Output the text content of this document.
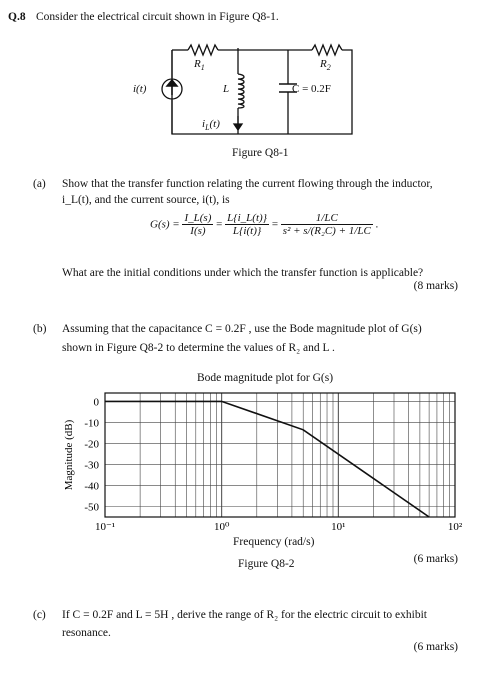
Q.8 Consider the electrical circuit shown in Figure Q8-1.
$R_1$	$R_2$
i(t)	L	C = 0.2F
$i_L(t)$
Figure Q8-1
(a) Show that the transfer function relating the current flowing through the inductor,
i_L(t), and the current source, i(t), is
$G(s) = \frac{I\_L(s)}{I(s)} = \frac{L\{i\_L(t)\}}{L\{i(t)\}} = \frac{1/LC}{\text{s² + s/(R₂C) + 1/LC}}$ .
What are the initial conditions under which the transfer function is applicable?
(8 marks)
(b) Assuming that the capacitance C = 0.2F , use the Bode magnitude plot of G(s)
shown in Figure Q8-2 to determine the values of R₂ and L .
Bode magnitude plot for G(s)
0
-10
-20
-30
-40
-50
10⁻¹	10⁰	10¹	10²
Magnitude (dB)
Frequency (rad/s)
Figure Q8-2	(6 marks)
(c) If C = 0.2F and L = 5H , derive the range of R₂ for the electric circuit to exhibit
resonance.
(6 marks)
